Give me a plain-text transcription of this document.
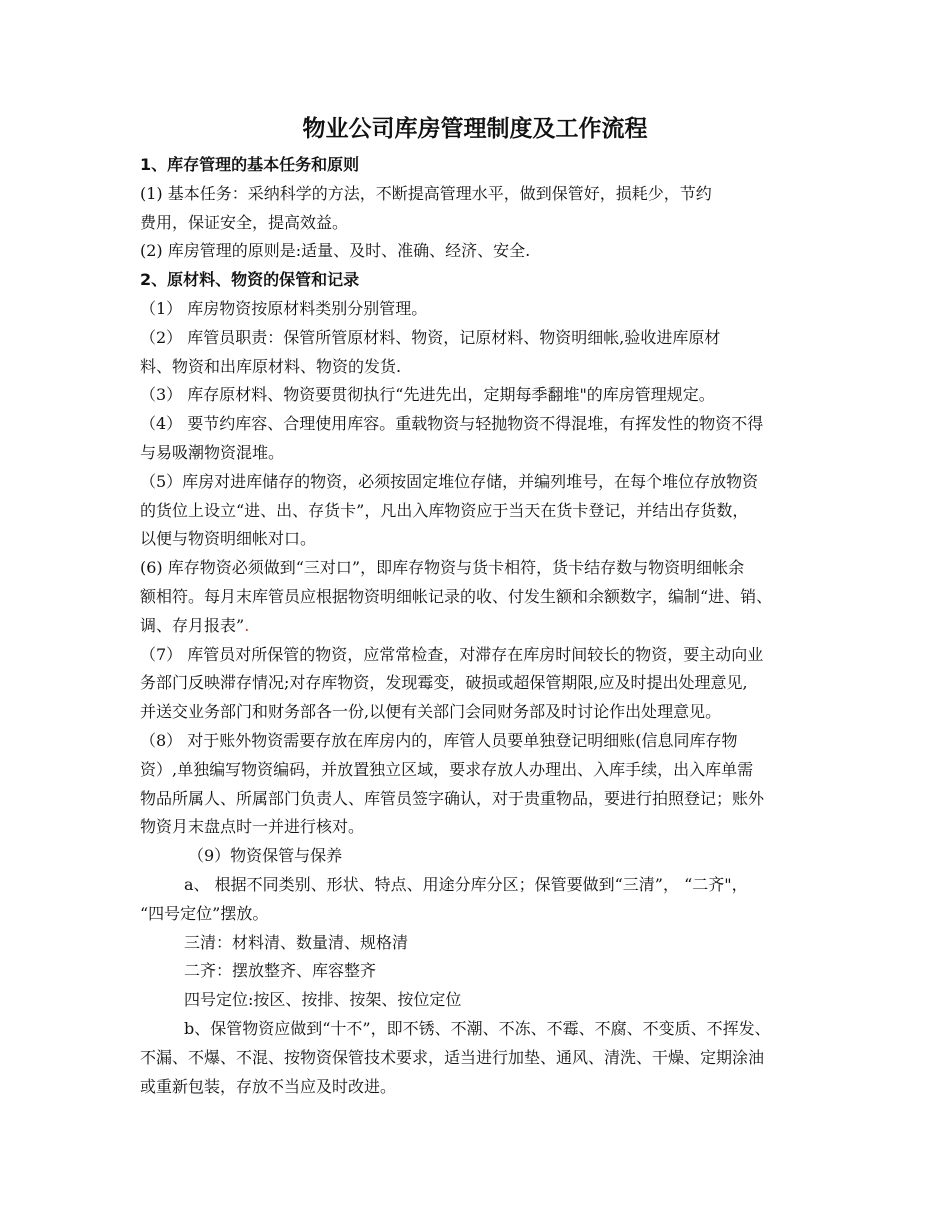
物业公司库房管理制度及工作流程
1、库存管理的基本任务和原则

(1) 基本任务：采纳科学的方法，不断提高管理水平，做到保管好，损耗少，节约

费用，保证安全，提高效益。

(2) 库房管理的原则是:适量、及时、准确、经济、安全.

2、原材料、物资的保管和记录

（1） 库房物资按原材料类别分别管理。

（2） 库管员职责：保管所管原材料、物资，记原材料、物资明细帐,验收进库原材

料、物资和出库原材料、物资的发货.

（3） 库存原材料、物资要贯彻执行“先进先出，定期每季翻堆"的库房管理规定。

（4） 要节约库容、合理使用库容。重载物资与轻抛物资不得混堆，有挥发性的物资不得

与易吸潮物资混堆。

（5）库房对进库储存的物资，必须按固定堆位存储，并编列堆号，在每个堆位存放物资

的货位上设立“进、出、存货卡”，凡出入库物资应于当天在货卡登记，并结出存货数，

以便与物资明细帐对口。

(6) 库存物资必须做到“三对口”，即库存物资与货卡相符，货卡结存数与物资明细帐余

额相符。每月末库管员应根据物资明细帐记录的收、付发生额和余额数字，编制“进、销、

调、存月报表”.

（7） 库管员对所保管的物资，应常常检查，对滞存在库房时间较长的物资，要主动向业

务部门反映滞存情况;对存库物资，发现霉变，破损或超保管期限,应及时提出处理意见,

并送交业务部门和财务部各一份,以便有关部门会同财务部及时讨论作出处理意见。

（8） 对于账外物资需要存放在库房内的，库管人员要单独登记明细账(信息同库存物

资）,单独编写物资编码，并放置独立区域，要求存放人办理出、入库手续，出入库单需

物品所属人、所属部门负责人、库管员签字确认，对于贵重物品，要进行拍照登记；账外

物资月末盘点时一并进行核对。

（9）物资保管与保养

a、 根据不同类别、形状、特点、用途分库分区；保管要做到“三清”， “二齐"，

“四号定位”摆放。

三清：材料清、数量清、规格清

二齐：摆放整齐、库容整齐

四号定位:按区、按排、按架、按位定位

b、保管物资应做到“十不”，即不锈、不潮、不冻、不霉、不腐、不变质、不挥发、

不漏、不爆、不混、按物资保管技术要求，适当进行加垫、通风、清洗、干燥、定期涂油

或重新包装，存放不当应及时改进。
